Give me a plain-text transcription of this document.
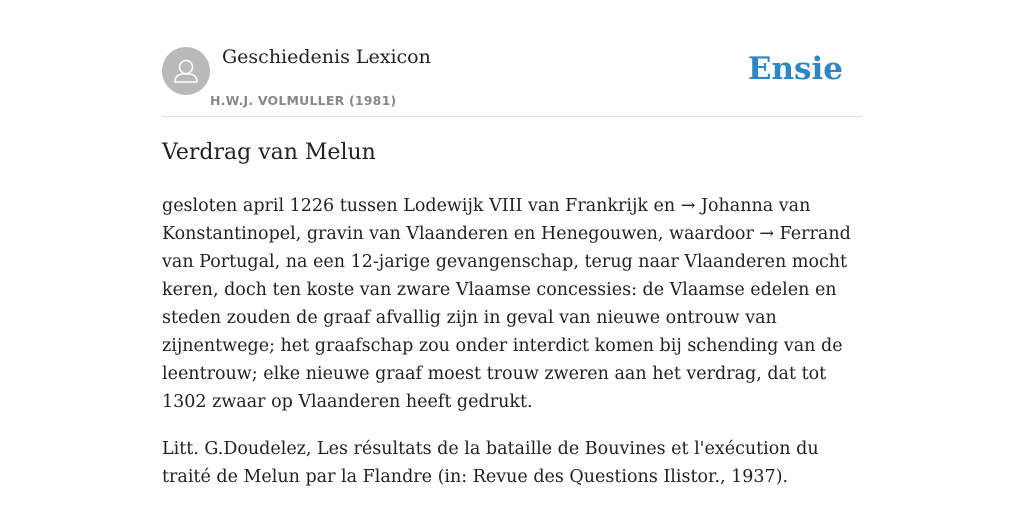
Geschiedenis Lexicon
H.W.J. VOLMULLER (1981)
Ensie
Verdrag van Melun

gesloten april 1226 tussen Lodewijk VIII van Frankrijk en → Johanna van Konstantinopel, gravin van Vlaanderen en Henegouwen, waardoor → Ferrand van Portugal, na een 12-jarige gevangenschap, terug naar Vlaanderen mocht keren, doch ten koste van zware Vlaamse concessies: de Vlaamse edelen en steden zouden de graaf afvallig zijn in geval van nieuwe ontrouw van zijnentwege; het graafschap zou onder interdict komen bij schending van de leentrouw; elke nieuwe graaf moest trouw zweren aan het verdrag, dat tot 1302 zwaar op Vlaanderen heeft gedrukt.

Litt. G.Doudelez, Les résultats de la bataille de Bouvines et l'exécution du traité de Melun par la Flandre (in: Revue des Questions Ilistor., 1937).
